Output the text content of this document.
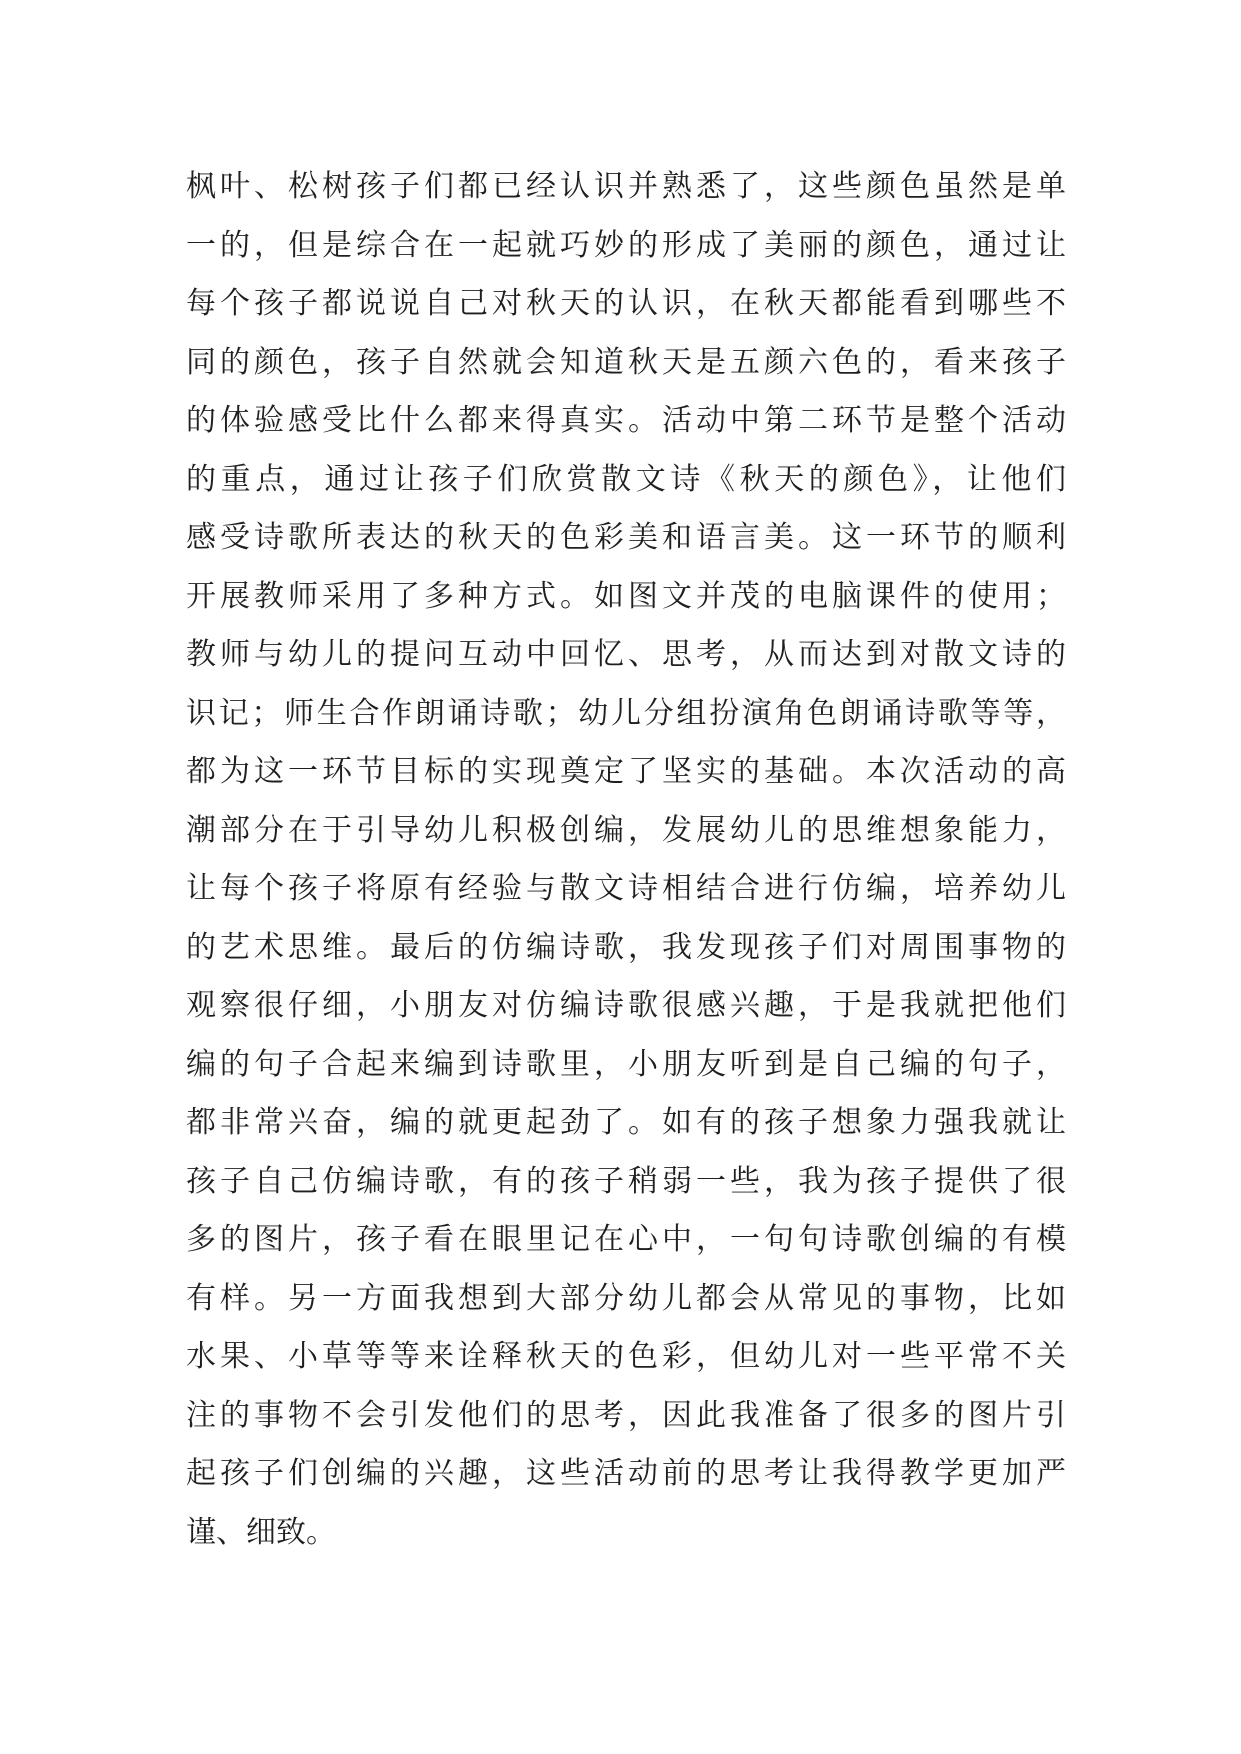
枫叶、松树孩子们都已经认识并熟悉了，这些颜色虽然是单
一的，但是综合在一起就巧妙的形成了美丽的颜色，通过让
每个孩子都说说自己对秋天的认识，在秋天都能看到哪些不
同的颜色，孩子自然就会知道秋天是五颜六色的，看来孩子
的体验感受比什么都来得真实。活动中第二环节是整个活动
的重点，通过让孩子们欣赏散文诗《秋天的颜色》，让他们
感受诗歌所表达的秋天的色彩美和语言美。这一环节的顺利
开展教师采用了多种方式。如图文并茂的电脑课件的使用；
教师与幼儿的提问互动中回忆、思考，从而达到对散文诗的
识记；师生合作朗诵诗歌；幼儿分组扮演角色朗诵诗歌等等，
都为这一环节目标的实现奠定了坚实的基础。本次活动的高
潮部分在于引导幼儿积极创编，发展幼儿的思维想象能力，
让每个孩子将原有经验与散文诗相结合进行仿编，培养幼儿
的艺术思维。最后的仿编诗歌，我发现孩子们对周围事物的
观察很仔细，小朋友对仿编诗歌很感兴趣，于是我就把他们
编的句子合起来编到诗歌里，小朋友听到是自己编的句子，
都非常兴奋，编的就更起劲了。如有的孩子想象力强我就让
孩子自己仿编诗歌，有的孩子稍弱一些，我为孩子提供了很
多的图片，孩子看在眼里记在心中，一句句诗歌创编的有模
有样。另一方面我想到大部分幼儿都会从常见的事物，比如
水果、小草等等来诠释秋天的色彩，但幼儿对一些平常不关
注的事物不会引发他们的思考，因此我准备了很多的图片引
起孩子们创编的兴趣，这些活动前的思考让我得教学更加严
谨、细致。
